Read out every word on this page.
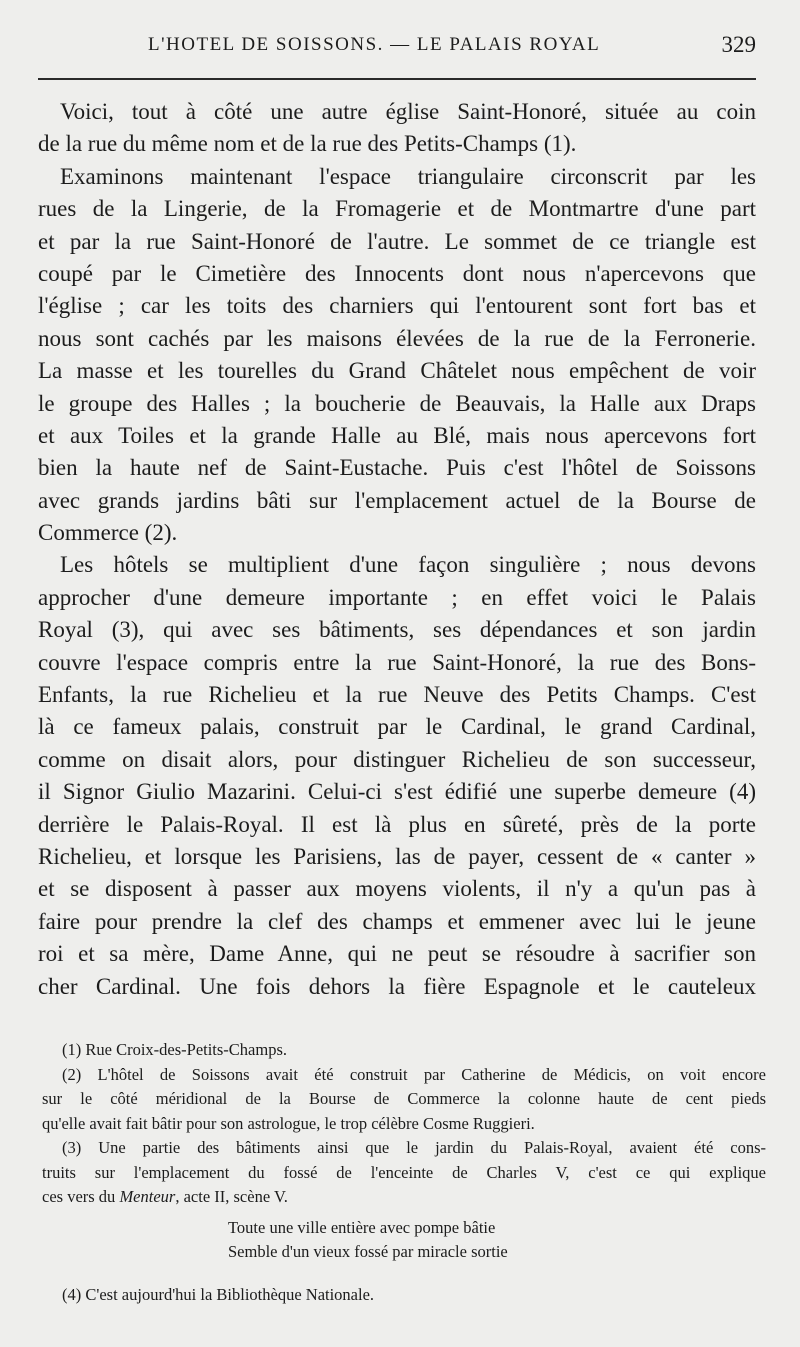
L'HOTEL DE SOISSONS. — LE PALAIS ROYAL	329
Voici, tout à côté une autre église Saint-Honoré, située au coin
de la rue du même nom et de la rue des Petits-Champs (1).
Examinons maintenant l'espace triangulaire circonscrit par les
rues de la Lingerie, de la Fromagerie et de Montmartre d'une part
et par la rue Saint-Honoré de l'autre. Le sommet de ce triangle est
coupé par le Cimetière des Innocents dont nous n'apercevons que
l'église ; car les toits des charniers qui l'entourent sont fort bas et
nous sont cachés par les maisons élevées de la rue de la Ferronerie.
La masse et les tourelles du Grand Châtelet nous empêchent de voir
le groupe des Halles ; la boucherie de Beauvais, la Halle aux Draps
et aux Toiles et la grande Halle au Blé, mais nous apercevons fort
bien la haute nef de Saint-Eustache. Puis c'est l'hôtel de Soissons
avec grands jardins bâti sur l'emplacement actuel de la Bourse de
Commerce (2).
Les hôtels se multiplient d'une façon singulière ; nous devons
approcher d'une demeure importante ; en effet voici le Palais
Royal (3), qui avec ses bâtiments, ses dépendances et son jardin
couvre l'espace compris entre la rue Saint-Honoré, la rue des Bons-
Enfants, la rue Richelieu et la rue Neuve des Petits Champs. C'est
là ce fameux palais, construit par le Cardinal, le grand Cardinal,
comme on disait alors, pour distinguer Richelieu de son successeur,
il Signor Giulio Mazarini. Celui-ci s'est édifié une superbe demeure (4)
derrière le Palais-Royal. Il est là plus en sûreté, près de la porte
Richelieu, et lorsque les Parisiens, las de payer, cessent de « canter »
et se disposent à passer aux moyens violents, il n'y a qu'un pas à
faire pour prendre la clef des champs et emmener avec lui le jeune
roi et sa mère, Dame Anne, qui ne peut se résoudre à sacrifier son
cher Cardinal. Une fois dehors la fière Espagnole et le cauteleux
(1) Rue Croix-des-Petits-Champs.
(2) L'hôtel de Soissons avait été construit par Catherine de Médicis, on voit encore
sur le côté méridional de la Bourse de Commerce la colonne haute de cent pieds
qu'elle avait fait bâtir pour son astrologue, le trop célèbre Cosme Ruggieri.
(3) Une partie des bâtiments ainsi que le jardin du Palais-Royal, avaient été cons-
truits sur l'emplacement du fossé de l'enceinte de Charles V, c'est ce qui explique
ces vers du Menteur, acte II, scène V.
Toute une ville entière avec pompe bâtie
Semble d'un vieux fossé par miracle sortie
(4) C'est aujourd'hui la Bibliothèque Nationale.
